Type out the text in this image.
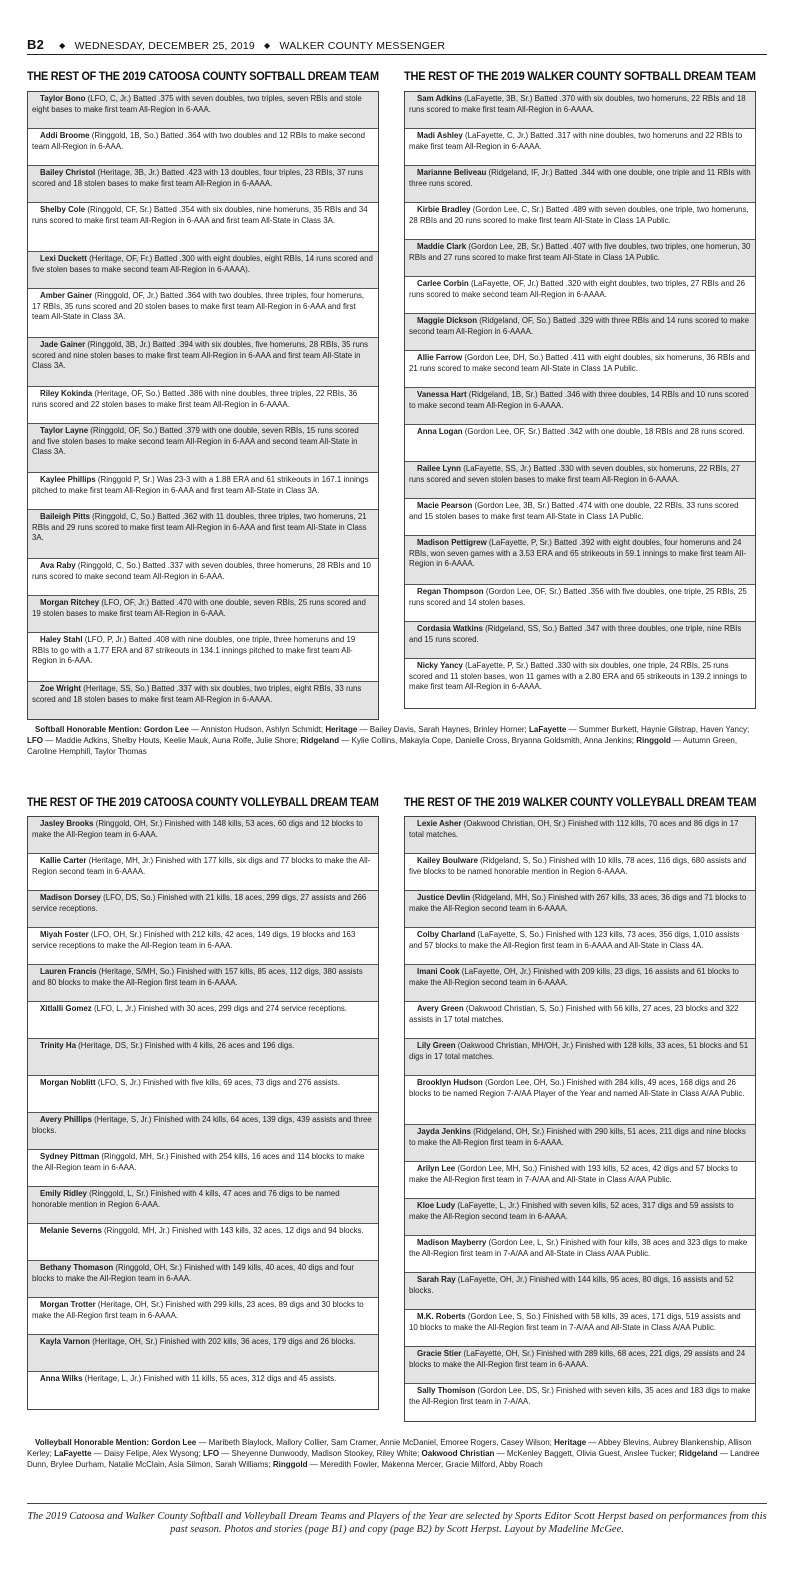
B2 ◆ WEDNESDAY, DECEMBER 25, 2019 ◆ WALKER COUNTY MESSENGER
THE REST OF THE 2019 CATOOSA COUNTY SOFTBALL DREAM TEAM THE REST OF THE 2019 WALKER COUNTY SOFTBALL DREAM TEAM
THE REST OF THE 2019 CATOOSA COUNTY VOLLEYBALL DREAM TEAM THE REST OF THE 2019 WALKER COUNTY VOLLEYBALL DREAM TEAM
Taylor Bono (LFO, C, Jr.) Batted .375 with seven doubles, two triples, seven RBIs and stole eight bases to make first team All-Region in 6-AAA.
Addi Broome (Ringgold, 1B, So.) Batted .364 with two doubles and 12 RBIs to make second team All-Region in 6-AAA.
Bailey Christol (Heritage, 3B, Jr.) Batted .423 with 13 doubles, four triples, 23 RBIs, 37 runs scored and 18 stolen bases to make first team All-Region in 6-AAAA.
Shelby Cole (Ringgold, CF, Sr.) Batted .354 with six doubles, nine homeruns, 35 RBIs and 34 runs scored to make first team All-Region in 6-AAA and first team All-State in Class 3A.
Lexi Duckett (Heritage, OF, Fr.) Batted .300 with eight doubles, eight RBIs, 14 runs scored and five stolen bases to make second team All-Region in 6-AAAA).
Amber Gainer (Ringgold, OF, Jr.) Batted .364 with two doubles, three triples, four homeruns, 17 RBIs, 35 runs scored and 20 stolen bases to make first team All-Region in 6-AAA and first team All-State in Class 3A.
Jade Gainer (Ringgold, 3B, Jr.) Batted .394 with six doubles, five homeruns, 28 RBIs, 35 runs scored and nine stolen bases to make first team All-Region in 6-AAA and first team All-State in Class 3A.
Riley Kokinda (Heritage, OF, So.) Batted .386 with nine doubles, three triples, 22 RBIs, 36 runs scored and 22 stolen bases to make first team All-Region in 6-AAAA.
Taylor Layne (Ringgold, OF, So.) Batted .379 with one double, seven RBIs, 15 runs scored and five stolen bases to make second team All-Region in 6-AAA and second team All-State in Class 3A.
Kaylee Phillips (Ringgold P, Sr.) Was 23-3 with a 1.88 ERA and 61 strikeouts in 167.1 innings pitched to make first team All-Region in 6-AAA and first team All-State in Class 3A.
Baileigh Pitts (Ringgold, C, So.) Batted .362 with 11 doubles, three triples, two homeruns, 21 RBIs and 29 runs scored to make first team All-Region in 6-AAA and first team All-State in Class 3A.
Ava Raby (Ringgold, C, So.) Batted .337 with seven doubles, three homeruns, 28 RBIs and 10 runs scored to make second team All-Region in 6-AAA.
Morgan Ritchey (LFO, OF, Jr.) Batted .470 with one double, seven RBIs, 25 runs scored and 19 stolen bases to make first team All-Region in 6-AAA.
Haley Stahl (LFO, P, Jr.) Batted .408 with nine doubles, one triple, three homeruns and 19 RBIs to go with a 1.77 ERA and 87 strikeouts in 134.1 innings pitched to make first team All-Region in 6-AAA.
Zoe Wright (Heritage, SS, So.) Batted .337 with six doubles, two triples, eight RBIs, 33 runs scored and 18 stolen bases to make first team All-Region in 6-AAAA.
Sam Adkins (LaFayette, 3B, Sr.) Batted .370 with six doubles, two homeruns, 22 RBIs and 18 runs scored to make first team All-Region in 6-AAAA.
Madi Ashley (LaFayette, C, Jr.) Batted .317 with nine doubles, two homeruns and 22 RBIs to make first team All-Region in 6-AAAA.
Marianne Beliveau (Ridgeland, IF, Jr.) Batted .344 with one double, one triple and 11 RBIs with three runs scored.
Kirbie Bradley (Gordon Lee, C, Sr.) Batted .489 with seven doubles, one triple, two homeruns, 28 RBIs and 20 runs scored to make first team All-State in Class 1A Public.
Maddie Clark (Gordon Lee, 2B, Sr.) Batted .407 with five doubles, two triples, one homerun, 30 RBIs and 27 runs scored to make first team All-State in Class 1A Public.
Carlee Corbin (LaFayette, OF, Jr.) Batted .320 with eight doubles, two triples, 27 RBIs and 26 runs scored to make second team All-Region in 6-AAAA.
Maggie Dickson (Ridgeland, OF, So.) Batted .329 with three RBIs and 14 runs scored to make second team All-Region in 6-AAAA.
Allie Farrow (Gordon Lee, DH, So.) Batted .411 with eight doubles, six homeruns, 36 RBIs and 21 runs scored to make second team All-State in Class 1A Public.
Vanessa Hart (Ridgeland, 1B, Sr.) Batted .346 with three doubles, 14 RBIs and 10 runs scored to make second team All-Region in 6-AAAA.
Anna Logan (Gordon Lee, OF, Sr.) Batted .342 with one double, 18 RBIs and 28 runs scored.
Railee Lynn (LaFayette, SS, Jr.) Batted .330 with seven doubles, six homeruns, 22 RBIs, 27 runs scored and seven stolen bases to make first team All-Region in 6-AAAA.
Macie Pearson (Gordon Lee, 3B, Sr.) Batted .474 with one double, 22 RBIs, 33 runs scored and 15 stolen bases to make first team All-State in Class 1A Public.
Madison Pettigrew (LaFayette, P, Sr.) Batted .392 with eight doubles, four homeruns and 24 RBIs, won seven games with a 3.53 ERA and 65 strikeouts in 59.1 innings to make first team All-Region in 6-AAAA.
Regan Thompson (Gordon Lee, OF, Sr.) Batted .356 with five doubles, one triple, 25 RBIs, 25 runs scored and 14 stolen bases.
Cordasia Watkins (Ridgeland, SS, So.) Batted .347 with three doubles, one triple, nine RBIs and 15 runs scored.
Nicky Yancy (LaFayette, P, Sr.) Batted .330 with six doubles, one triple, 24 RBIs, 25 runs scored and 11 stolen bases, won 11 games with a 2.80 ERA and 65 strikeouts in 139.2 innings to make first team All-Region in 6-AAAA.
Jasley Brooks (Ringgold, OH, Sr.) Finished with 148 kills, 53 aces, 60 digs and 12 blocks to make the All-Region team in 6-AAA.
Kallie Carter (Heritage, MH, Jr.) Finished with 177 kills, six digs and 77 blocks to make the All-Region second team in 6-AAAA.
Madison Dorsey (LFO, DS, So.) Finished with 21 kills, 18 aces, 299 digs, 27 assists and 266 service receptions.
Miyah Foster (LFO, OH, Sr.) Finished with 212 kills, 42 aces, 149 digs, 19 blocks and 163 service receptions to make the All-Region team in 6-AAA.
Lauren Francis (Heritage, S/MH, So.) Finished with 157 kills, 85 aces, 112 digs, 380 assists and 80 blocks to make the All-Region first team in 6-AAAA.
Xitlalli Gomez (LFO, L, Jr.) Finished with 30 aces, 299 digs and 274 service receptions.
Trinity Ha (Heritage, DS, Sr.) Finished with 4 kills, 26 aces and 196 digs.
Morgan Noblitt (LFO, S, Jr.) Finished with five kills, 69 aces, 73 digs and 276 assists.
Avery Phillips (Heritage, S, Jr.) Finished with 24 kills, 64 aces, 139 digs, 439 assists and three blocks.
Sydney Pittman (Ringgold, MH, Sr.) Finished with 254 kills, 16 aces and 114 blocks to make the All-Region team in 6-AAA.
Emily Ridley (Ringgold, L, Sr.) Finished with 4 kills, 47 aces and 76 digs to be named honorable mention in Region 6-AAA.
Melanie Severns (Ringgold, MH, Jr.) Finished with 143 kills, 32 aces, 12 digs and 94 blocks.
Bethany Thomason (Ringgold, OH, Sr.) Finished with 149 kills, 40 aces, 40 digs and four blocks to make the All-Region team in 6-AAA.
Morgan Trotter (Heritage, OH, Sr.) Finished with 299 kills, 23 aces, 89 digs and 30 blocks to make the All-Region first team in 6-AAAA.
Kayla Varnon (Heritage, OH, Sr.) Finished with 202 kills, 36 aces, 179 digs and 26 blocks.
Anna Wilks (Heritage, L, Jr.) Finished with 11 kills, 55 aces, 312 digs and 45 assists.
Lexie Asher (Oakwood Christian, OH, Sr.) Finished with 112 kills, 70 aces and 86 digs in 17 total matches.
Kailey Boulware (Ridgeland, S, So.) Finished with 10 kills, 78 aces, 116 digs, 680 assists and five blocks to be named honorable mention in Region 6-AAAA.
Justice Devlin (Ridgeland, MH, So.) Finished with 267 kills, 33 aces, 36 digs and 71 blocks to make the All-Region second team in 6-AAAA.
Colby Charland (LaFayette, S, So.) Finished with 123 kills, 73 aces, 356 digs, 1,010 assists and 57 blocks to make the All-Region first team in 6-AAAA and All-State in Class 4A.
Imani Cook (LaFayette, OH, Jr.) Finished with 209 kills, 23 digs, 16 assists and 61 blocks to make the All-Region second team in 6-AAAA.
Avery Green (Oakwood Christian, S, So.) Finished with 56 kills, 27 aces, 23 blocks and 322 assists in 17 total matches.
Lily Green (Oakwood Christian, MH/OH, Jr.) Finished with 128 kills, 33 aces, 51 blocks and 51 digs in 17 total matches.
Brooklyn Hudson (Gordon Lee, OH, So.) Finished with 284 kills, 49 aces, 168 digs and 26 blocks to be named Region 7-A/AA Player of the Year and named All-State in Class A/AA Public.
Jayda Jenkins (Ridgeland, OH, Sr.) Finished with 290 kills, 51 aces, 211 digs and nine blocks to make the All-Region first team in 6-AAAA.
Arilyn Lee (Gordon Lee, MH, So.) Finished with 193 kills, 52 aces, 42 digs and 57 blocks to make the All-Region first team in 7-A/AA and All-State in Class A/AA Public.
Kloe Ludy (LaFayette, L, Jr.) Finished with seven kills, 52 aces, 317 digs and 59 assists to make the All-Region second team in 6-AAAA.
Madison Mayberry (Gordon Lee, L, Sr.) Finished with four kills, 38 aces and 323 digs to make the All-Region first team in 7-A/AA and All-State in Class A/AA Public.
Sarah Ray (LaFayette, OH, Jr.) Finished with 144 kills, 95 aces, 80 digs, 16 assists and 52 blocks.
M.K. Roberts (Gordon Lee, S, So.) Finished with 58 kills, 39 aces, 171 digs, 519 assists and 10 blocks to make the All-Region first team in 7-A/AA and All-State in Class A/AA Public.
Gracie Stier (LaFayette, OH, Sr.) Finished with 289 kills, 68 aces, 221 digs, 29 assists and 24 blocks to make the All-Region first team in 6-AAAA.
Sally Thomison (Gordon Lee, DS, Sr.) Finished with seven kills, 35 aces and 183 digs to make the All-Region first team in 7-A/AA.
Softball Honorable Mention: Gordon Lee — Anniston Hudson, Ashlyn Schmidt; Heritage — Bailey Davis, Sarah Haynes, Brinley Horner; LaFayette — Summer Burkett, Haynie Gilstrap, Haven Yancy; LFO — Maddie Adkins, Shelby Houts, Keelie Mauk, Auna Rolfe, Julie Shore; Ridgeland — Kylie Collins, Makayla Cope, Danielle Cross, Bryanna Goldsmith, Anna Jenkins; Ringgold — Autumn Green, Caroline Hemphill, Taylor Thomas
Volleyball Honorable Mention: Gordon Lee — Maribeth Blaylock, Mallory Collier, Sam Cramer, Annie McDaniel, Emoree Rogers, Casey Wilson; Heritage — Abbey Blevins, Aubrey Blankenship, Allison Kerley; LaFayette — Daisy Felipe, Alex Wysong; LFO — Sheyenne Dunwoody, Madison Stookey, Riley White; Oakwood Christian — McKenley Baggett, Olivia Guest, Anslee Tucker; Ridgeland — Landree Dunn, Brylee Durham, Natalie McClain, Asia Silmon, Sarah Williams; Ringgold — Meredith Fowler, Makenna Mercer, Gracie Milford, Abby Roach
The 2019 Catoosa and Walker County Softball and Volleyball Dream Teams and Players of the Year are selected by Sports Editor Scott Herpst based on performances from this past season. Photos and stories (page B1) and copy (page B2) by Scott Herpst. Layout by Madeline McGee.
